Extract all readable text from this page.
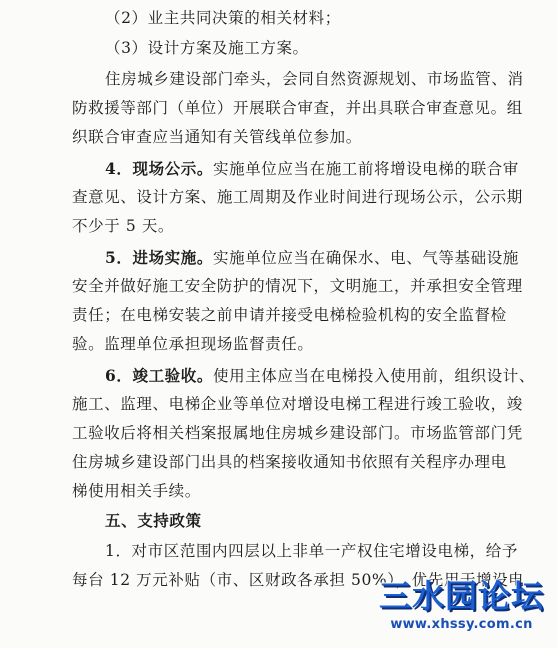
（2）业主共同决策的相关材料；
（3）设计方案及施工方案。
住房城乡建设部门牵头，会同自然资源规划、市场监管、消
防救援等部门（单位）开展联合审查，并出具联合审查意见。组
织联合审查应当通知有关管线单位参加。
4．现场公示。实施单位应当在施工前将增设电梯的联合审
查意见、设计方案、施工周期及作业时间进行现场公示，公示期
不少于 5 天。
5．进场实施。实施单位应当在确保水、电、气等基础设施
安全并做好施工安全防护的情况下，文明施工，并承担安全管理
责任；在电梯安装之前申请并接受电梯检验机构的安全监督检
验。监理单位承担现场监督责任。
6．竣工验收。使用主体应当在电梯投入使用前，组织设计、
施工、监理、电梯企业等单位对增设电梯工程进行竣工验收，竣
工验收后将相关档案报属地住房城乡建设部门。市场监管部门凭
住房城乡建设部门出具的档案接收通知书依照有关程序办理电
梯使用相关手续。
五、支持政策
1．对市区范围内四层以上非单一产权住宅增设电梯，给予
每台 12 万元补贴（市、区财政各承担 50%），优先用于增设电
三水园论坛
www.xhssy.com.cn
